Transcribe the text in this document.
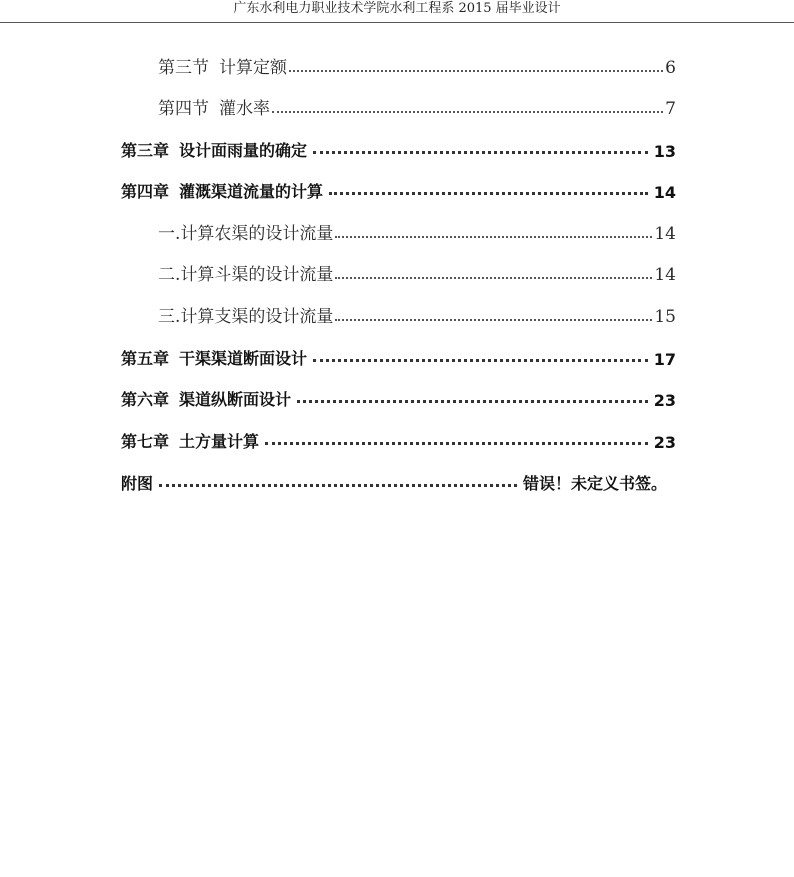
广东水利电力职业技术学院水利工程系 2015 届毕业设计
第三节 计算定额	6
第四节 灌水率	7
第三章 设计面雨量的确定	13
第四章 灌溉渠道流量的计算	14
一.计算农渠的设计流量	14
二.计算斗渠的设计流量	14
三.计算支渠的设计流量	15
第五章 干渠渠道断面设计	17
第六章 渠道纵断面设计	23
第七章 土方量计算	23
附图	错误！未定义书签。
